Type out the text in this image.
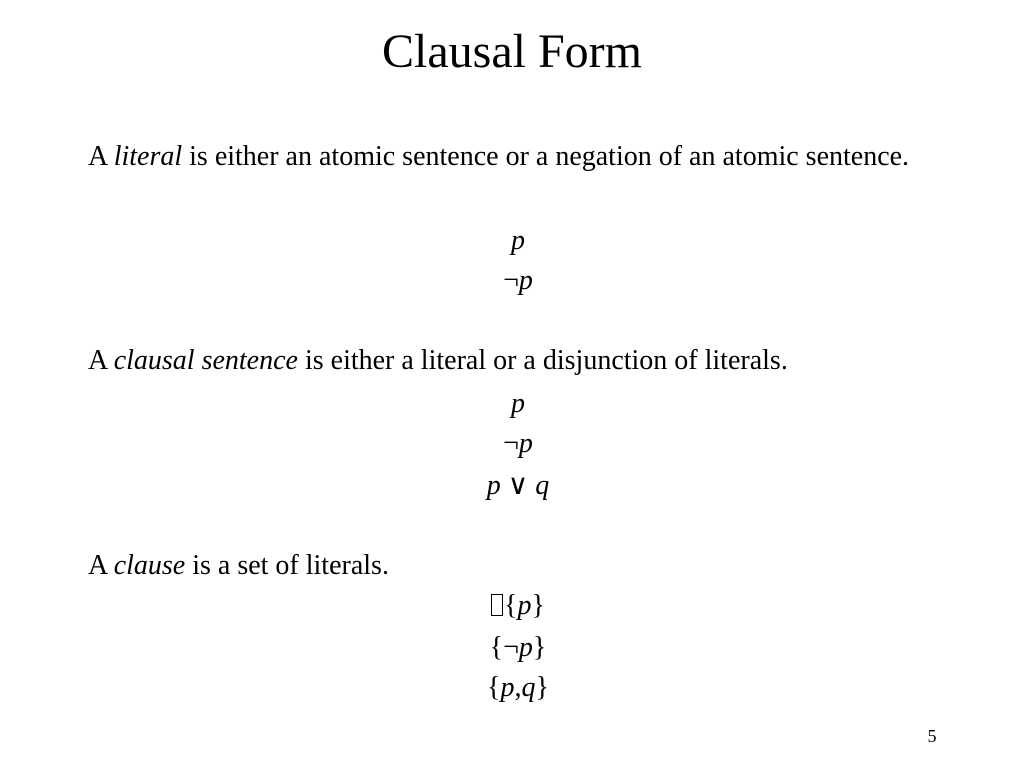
Clausal Form
A literal is either an atomic sentence or a negation of an atomic sentence.
p
¬p
A clausal sentence is either a literal or a disjunction of literals.
p
¬p
p ∨ q
A clause is a set of literals.
{p}
{¬p}
{p,q}
5
